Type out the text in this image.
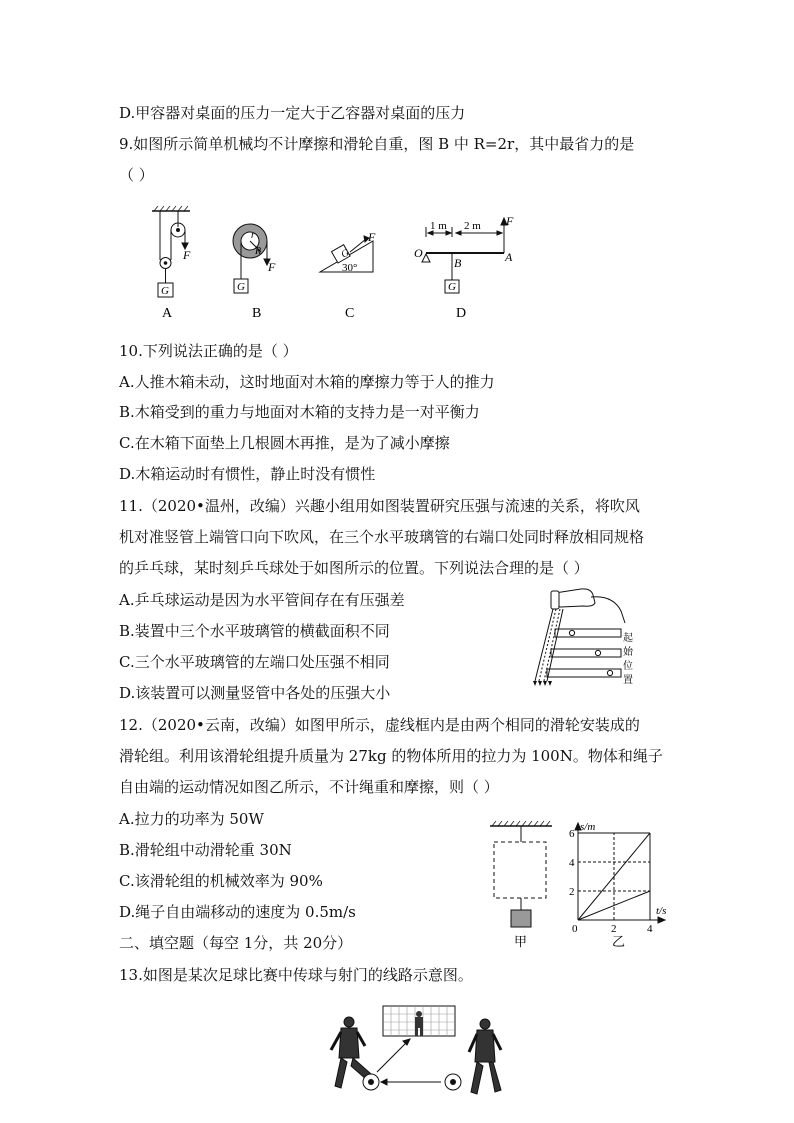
D.甲容器对桌面的压力一定大于乙容器对桌面的压力
9.如图所示简单机械均不计摩擦和滑轮自重，图 B 中 R=2r，其中最省力的是
（ ）
F
G
A
r
R
F
G
B
G
F
30°
C
1 m 2 m F
O
B	A
G
D
10.下列说法正确的是（ ）
A.人推木箱未动，这时地面对木箱的摩擦力等于人的推力
B.木箱受到的重力与地面对木箱的支持力是一对平衡力
C.在木箱下面垫上几根圆木再推，是为了减小摩擦
D.木箱运动时有惯性，静止时没有惯性
11.（2020•温州，改编）兴趣小组用如图装置研究压强与流速的关系，将吹风
机对准竖管上端管口向下吹风，在三个水平玻璃管的右端口处同时释放相同规格
的乒乓球，某时刻乒乓球处于如图所示的位置。下列说法合理的是（ ）
A.乒乓球运动是因为水平管间存在有压强差
B.装置中三个水平玻璃管的横截面积不同
C.三个水平玻璃管的左端口处压强不相同
D.该装置可以测量竖管中各处的压强大小
起
始
位
置
12.（2020•云南，改编）如图甲所示，虚线框内是由两个相同的滑轮安装成的
滑轮组。利用该滑轮组提升质量为 27kg 的物体所用的拉力为 100N。物体和绳子
自由端的运动情况如图乙所示，不计绳重和摩擦，则（ ）
A.拉力的功率为 50W
B.滑轮组中动滑轮重 30N
C.该滑轮组的机械效率为 90%
D.绳子自由端移动的速度为 0.5m/s
甲
s/m
t/s
2
4
6
0	2	4
乙
二、填空题（每空 1分，共 20分）
13.如图是某次足球比赛中传球与射门的线路示意图。
